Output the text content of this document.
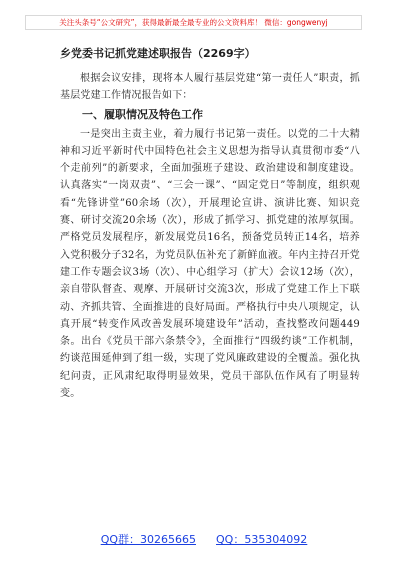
关注头条号“公文研究”，获得最新最全最专业的公文资料库！ 微信：gongwenyj
乡党委书记抓党建述职报告（2269字）

根据会议安排，现将本人履行基层党建“第一责任人”职责，抓基层党建工作情况报告如下：

一、履职情况及特色工作

一是突出主责主业，着力履行书记第一责任。以党的二十大精神和习近平新时代中国特色社会主义思想为指导认真贯彻市委“八个走前列”的新要求，全面加强班子建设、政治建设和制度建设。认真落实“一岗双责”、“三会一课”、“固定党日”等制度，组织观看“先锋讲堂”60余场（次），开展理论宣讲、演讲比赛、知识竞赛、研讨交流20余场（次），形成了抓学习、抓党建的浓厚氛围。严格党员发展程序，新发展党员16名，预备党员转正14名，培养入党积极分子32名，为党员队伍补充了新鲜血液。年内主持召开党建工作专题会议3场（次）、中心组学习（扩大）会议12场（次），亲自带队督查、观摩、开展研讨交流3次，形成了党建工作上下联动、齐抓共管、全面推进的良好局面。严格执行中央八项规定，认真开展“转变作风改善发展环境建设年”活动，查找整改问题449条。出台《党员干部六条禁令》，全面推行“四级约谈”工作机制，约谈范围延伸到了组一级，实现了党风廉政建设的全覆盖。强化执纪问责，正风肃纪取得明显效果，党员干部队伍作风有了明显转变。

QQ群：30265665 QQ：535304092
